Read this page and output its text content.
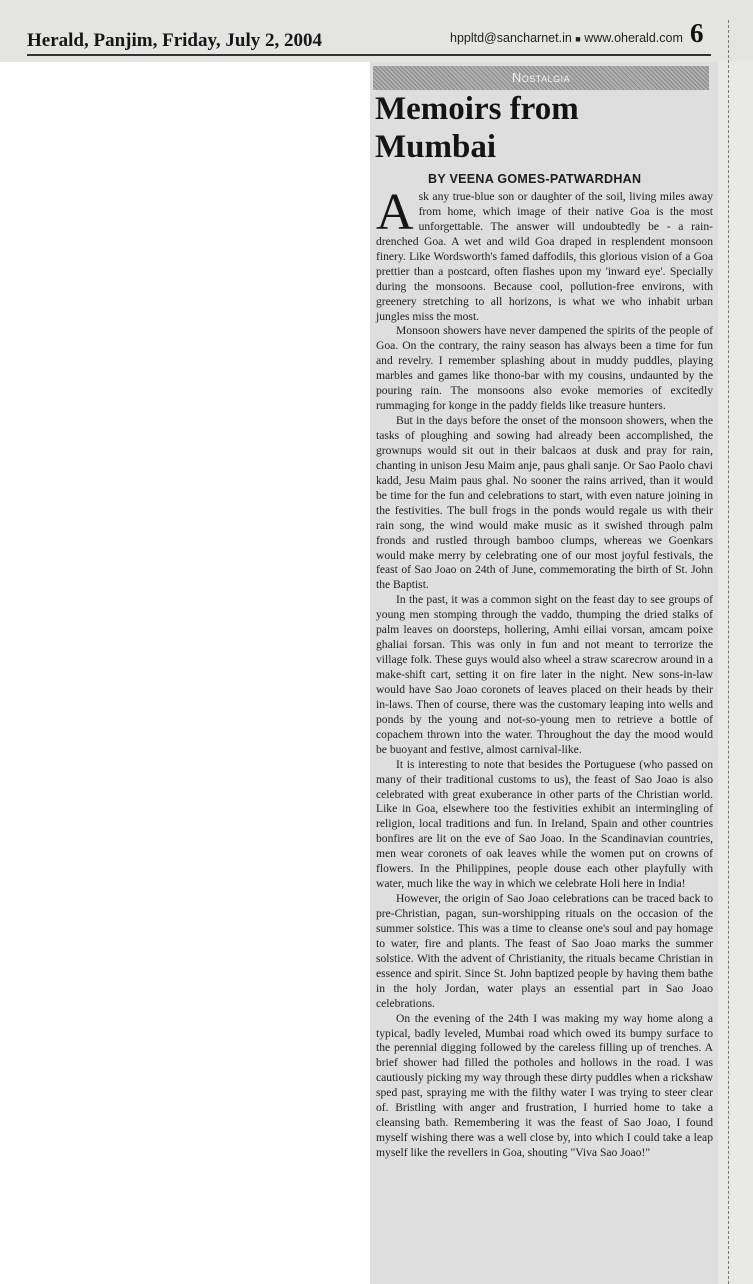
Herald, Panjim, Friday, July 2, 2004	hppltd@sancharnet.in ■ www.oherald.com 6
Nostalgia
Memoirs from
Mumbai
BY VEENA GOMES-PATWARDHAN

Ask any true-blue son or daughter of the soil, living miles away from home, which image of their native Goa is the most unforgettable. The answer will undoubtedly be - a rain-drenched Goa. A wet and wild Goa draped in resplendent monsoon finery. Like Wordsworth's famed daffodils, this glorious vision of a Goa prettier than a postcard, often flashes upon my 'inward eye'. Specially during the monsoons. Because cool, pollution-free environs, with greenery stretching to all horizons, is what we who inhabit urban jungles miss the most.

Monsoon showers have never dampened the spirits of the people of Goa. On the contrary, the rainy season has always been a time for fun and revelry. I remember splashing about in muddy puddles, playing marbles and games like thono-bar with my cousins, undaunted by the pouring rain. The monsoons also evoke memories of excitedly rummaging for konge in the paddy fields like treasure hunters.

But in the days before the onset of the monsoon showers, when the tasks of ploughing and sowing had already been accomplished, the grownups would sit out in their balcaos at dusk and pray for rain, chanting in unison Jesu Maim anje, paus ghali sanje. Or Sao Paolo chavi kadd, Jesu Maim paus ghal. No sooner the rains arrived, than it would be time for the fun and celebrations to start, with even nature joining in the festivities. The bull frogs in the ponds would regale us with their rain song, the wind would make music as it swished through palm fronds and rustled through bamboo clumps, whereas we Goenkars would make merry by celebrating one of our most joyful festivals, the feast of Sao Joao on 24th of June, commemorating the birth of St. John the Baptist.

In the past, it was a common sight on the feast day to see groups of young men stomping through the vaddo, thumping the dried stalks of palm leaves on doorsteps, hollering, Amhi eiliai vorsan, amcam poixe ghaliai forsan. This was only in fun and not meant to terrorize the village folk. These guys would also wheel a straw scarecrow around in a make-shift cart, setting it on fire later in the night. New sons-in-law would have Sao Joao coronets of leaves placed on their heads by their in-laws. Then of course, there was the customary leaping into wells and ponds by the young and not-so-young men to retrieve a bottle of copachem thrown into the water. Throughout the day the mood would be buoyant and festive, almost carnival-like.

It is interesting to note that besides the Portuguese (who passed on many of their traditional customs to us), the feast of Sao Joao is also celebrated with great exuberance in other parts of the Christian world. Like in Goa, elsewhere too the festivities exhibit an intermingling of religion, local traditions and fun. In Ireland, Spain and other countries bonfires are lit on the eve of Sao Joao. In the Scandinavian countries, men wear coronets of oak leaves while the women put on crowns of flowers. In the Philippines, people douse each other playfully with water, much like the way in which we celebrate Holi here in India!

However, the origin of Sao Joao celebrations can be traced back to pre-Christian, pagan, sun-worshipping rituals on the occasion of the summer solstice. This was a time to cleanse one's soul and pay homage to water, fire and plants. The feast of Sao Joao marks the summer solstice. With the advent of Christianity, the rituals became Christian in essence and spirit. Since St. John baptized people by having them bathe in the holy Jordan, water plays an essential part in Sao Joao celebrations.

On the evening of the 24th I was making my way home along a typical, badly leveled, Mumbai road which owed its bumpy surface to the perennial digging followed by the careless filling up of trenches. A brief shower had filled the potholes and hollows in the road. I was cautiously picking my way through these dirty puddles when a rickshaw sped past, spraying me with the filthy water I was trying to steer clear of. Bristling with anger and frustration, I hurried home to take a cleansing bath. Remembering it was the feast of Sao Joao, I found myself wishing there was a well close by, into which I could take a leap myself like the revellers in Goa, shouting "Viva Sao Joao!"
